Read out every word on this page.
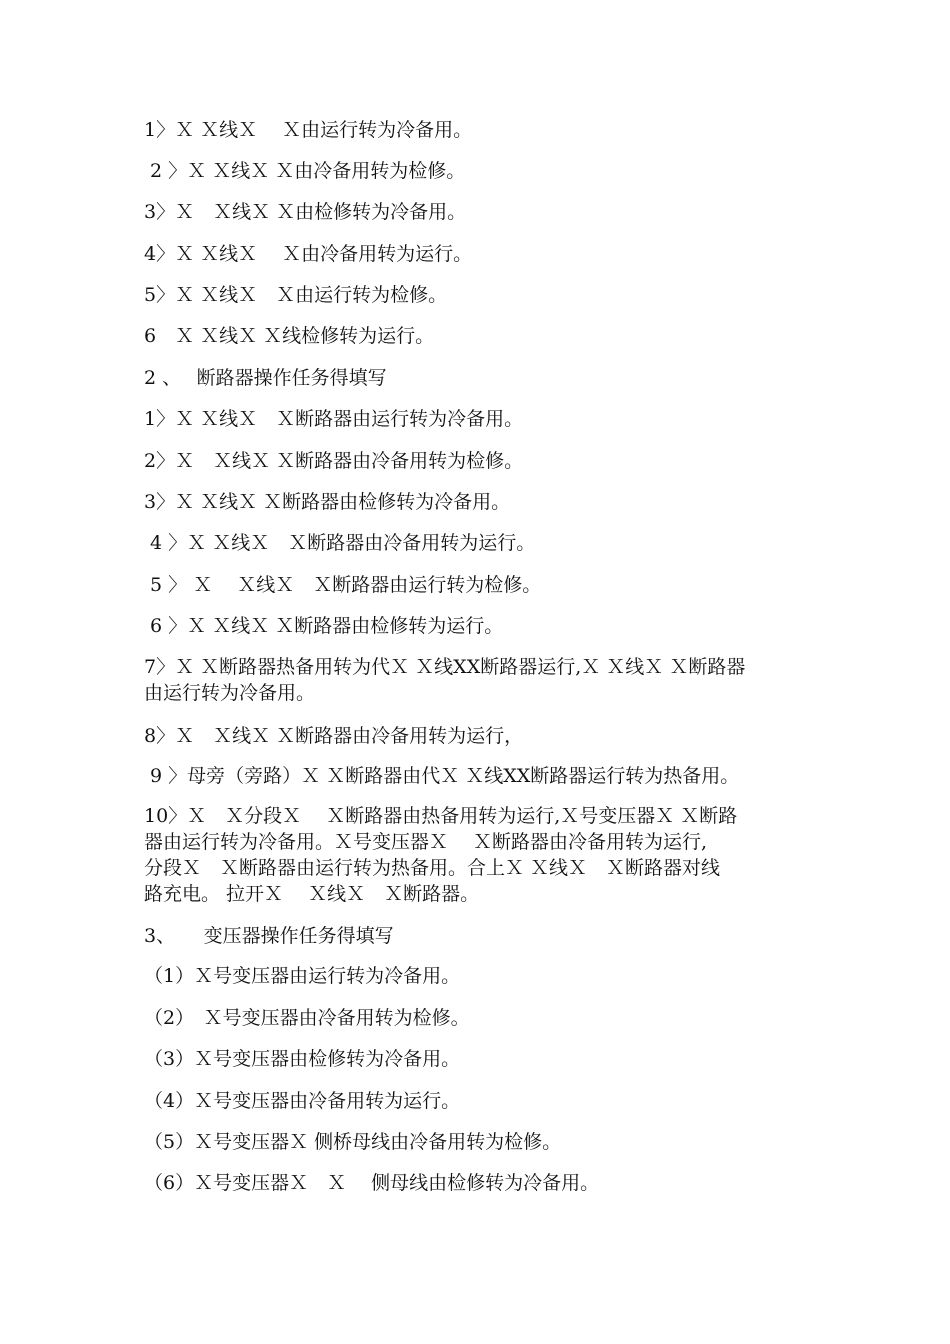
1〉Ｘ Ｘ线Ｘ　 Ｘ由运行转为冷备用。

2 〉Ｘ Ｘ线Ｘ Ｘ由冷备用转为检修。

3〉Ｘ　Ｘ线Ｘ Ｘ由检修转为冷备用。

4〉Ｘ Ｘ线Ｘ　 Ｘ由冷备用转为运行。

5〉Ｘ Ｘ线Ｘ　Ｘ由运行转为检修。

6　Ｘ Ｘ线Ｘ Ｘ线检修转为运行。

2 、　 断路器操作任务得填写

1〉Ｘ Ｘ线Ｘ　Ｘ断路器由运行转为冷备用。

2〉Ｘ　Ｘ线Ｘ Ｘ断路器由冷备用转为检修。

3〉Ｘ Ｘ线Ｘ Ｘ断路器由检修转为冷备用。

4 〉Ｘ Ｘ线Ｘ　Ｘ断路器由冷备用转为运行。

5 〉 Ｘ　 Ｘ线Ｘ　Ｘ断路器由运行转为检修。

6 〉Ｘ Ｘ线Ｘ Ｘ断路器由检修转为运行。

7〉Ｘ Ｘ断路器热备用转为代Ｘ Ｘ线XX断路器运行,Ｘ Ｘ线Ｘ Ｘ断路器
由运行转为冷备用。

8〉Ｘ　Ｘ线Ｘ Ｘ断路器由冷备用转为运行，

9 〉母旁（旁路）Ｘ Ｘ断路器由代Ｘ Ｘ线XX断路器运行转为热备用。

10〉Ｘ　Ｘ分段Ｘ　 Ｘ断路器由热备用转为运行,Ｘ号变压器Ｘ Ｘ断路
器由运行转为冷备用。Ｘ号变压器Ｘ　 Ｘ断路器由冷备用转为运行,
分段Ｘ　Ｘ断路器由运行转为热备用。合上Ｘ Ｘ线Ｘ　Ｘ断路器对线
路充电。 拉开Ｘ　 Ｘ线Ｘ　Ｘ断路器。

3、　　变压器操作任务得填写

（1）Ｘ号变压器由运行转为冷备用。

（2）　Ｘ号变压器由冷备用转为检修。

（3）Ｘ号变压器由检修转为冷备用。

（4）Ｘ号变压器由冷备用转为运行。

（5）Ｘ号变压器Ｘ 侧桥母线由冷备用转为检修。

（6）Ｘ号变压器Ｘ　Ｘ　 侧母线由检修转为冷备用。
